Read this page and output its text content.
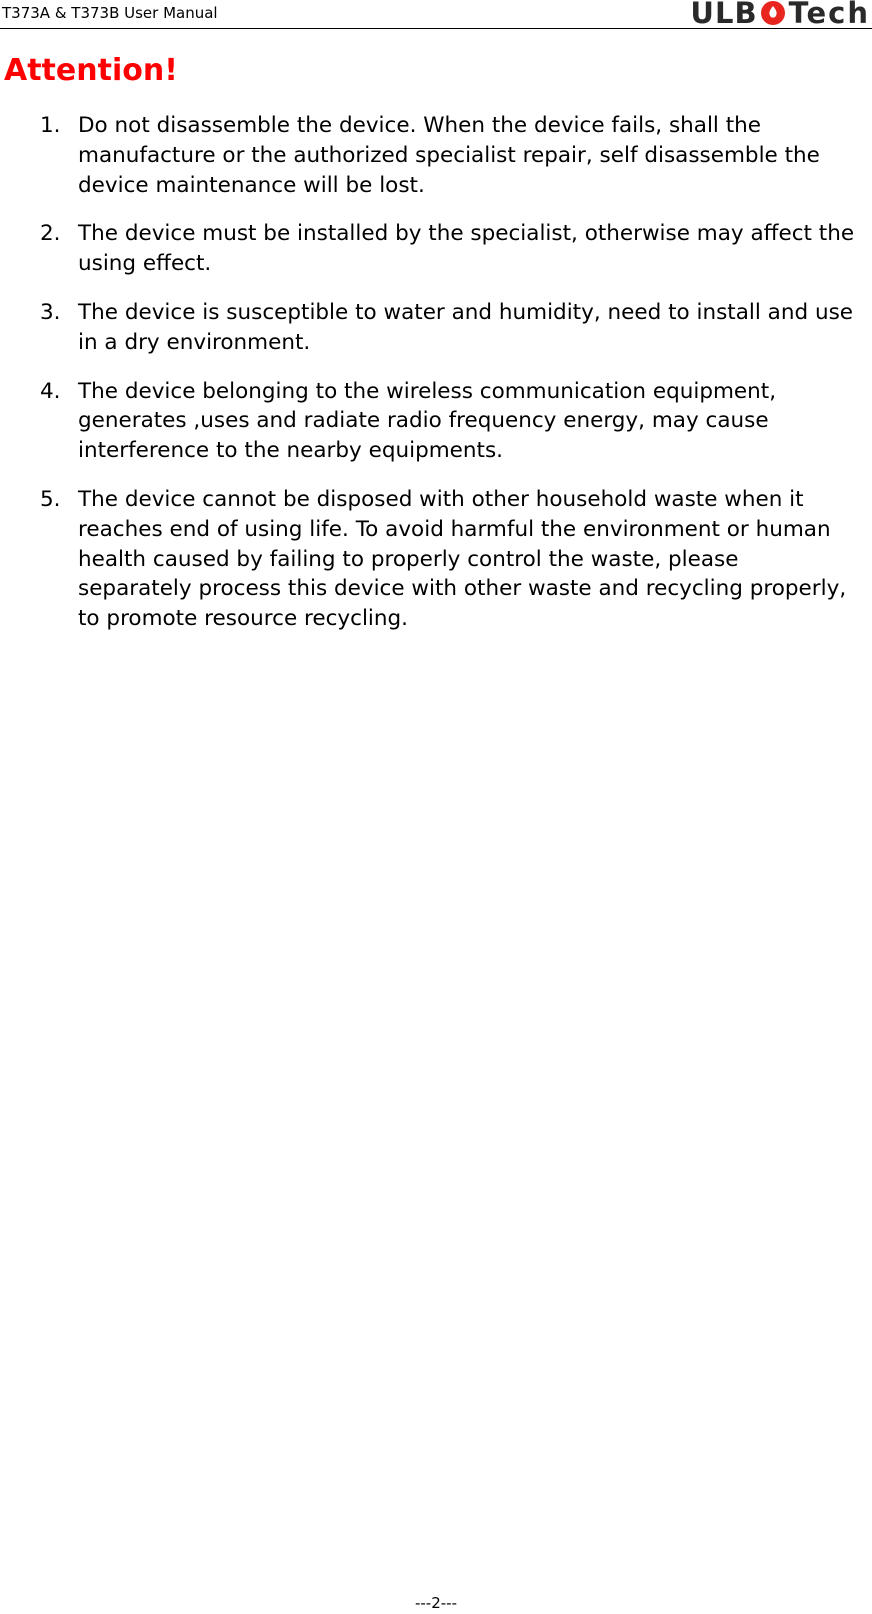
T373A & T373B User Manual	ULB Tech
Attention!
1. Do not disassemble the device. When the device fails, shall the
manufacture or the authorized specialist repair, self disassemble the
device maintenance will be lost.
2. The device must be installed by the specialist, otherwise may affect the
using effect.
3. The device is susceptible to water and humidity, need to install and use
in a dry environment.
4. The device belonging to the wireless communication equipment,
generates ,uses and radiate radio frequency energy, may cause
interference to the nearby equipments.
5. The device cannot be disposed with other household waste when it
reaches end of using life. To avoid harmful the environment or human
health caused by failing to properly control the waste, please
separately process this device with other waste and recycling properly,
to promote resource recycling.
---2---
